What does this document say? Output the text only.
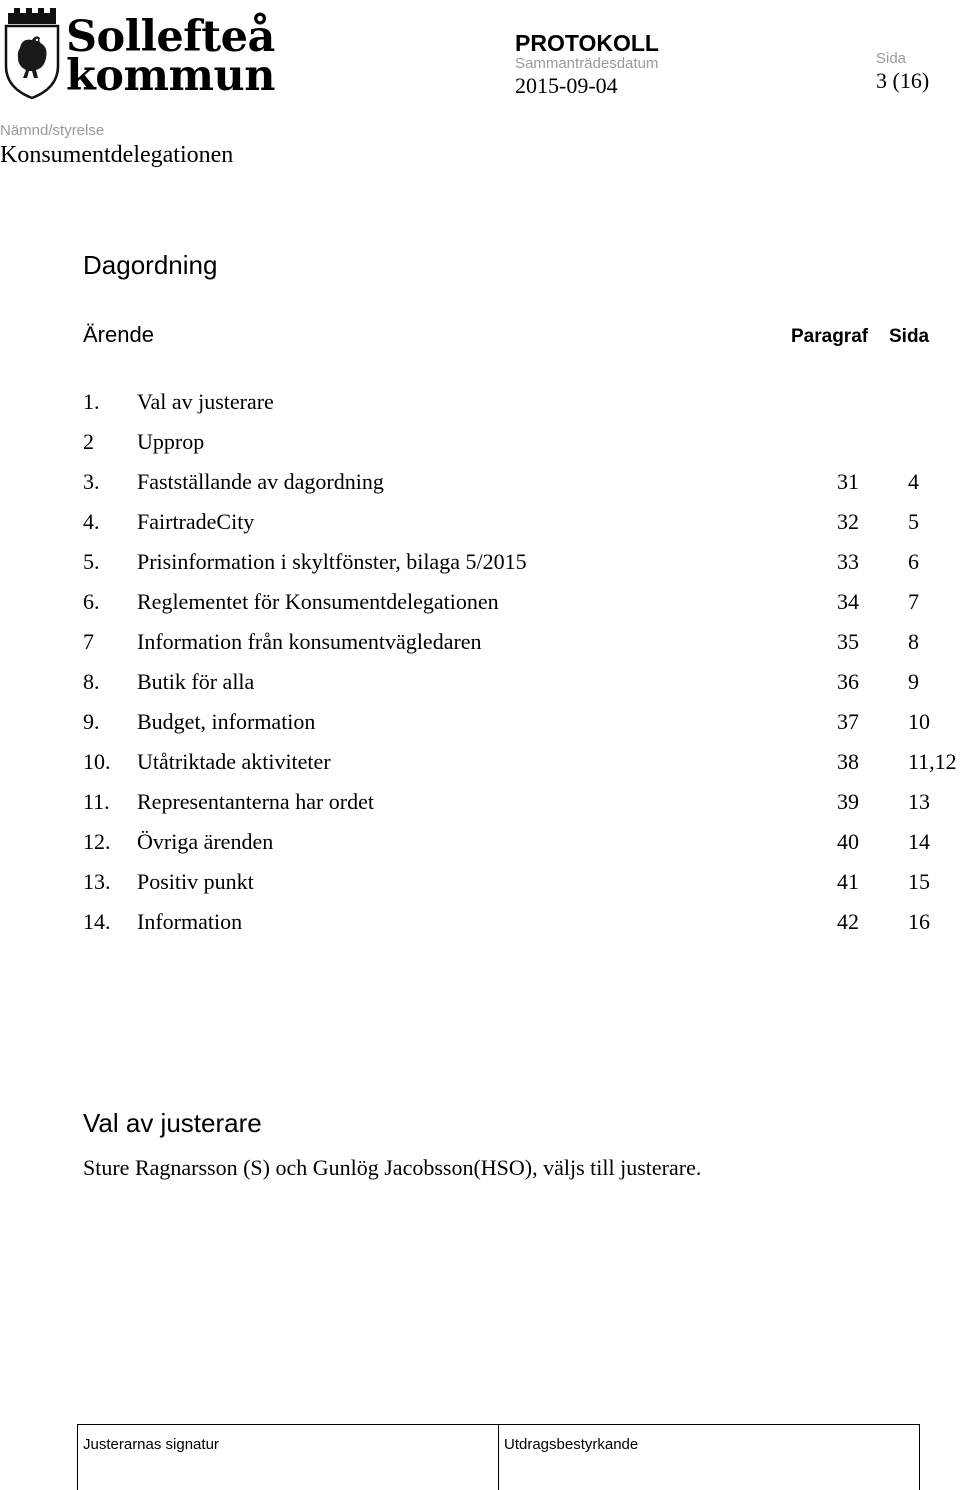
Sollefteå
kommun
PROTOKOLL
Sammanträdesdatum
2015-09-04
Sida
3 (16)
Nämnd/styrelse
Konsumentdelegationen
Dagordning
Ärende	Paragraf Sida
1. Val av justerare
2 Upprop
3. Fastställande av dagordning	31 4
4. FairtradeCity	32 5
5. Prisinformation i skyltfönster, bilaga 5/2015	33 6
6. Reglementet för Konsumentdelegationen	34 7
7 Information från konsumentvägledaren	35 8
8. Butik för alla	36 9
9. Budget, information	37 10
10. Utåtriktade aktiviteter	38 11,12
11. Representanterna har ordet	39 13
12. Övriga ärenden	40 14
13. Positiv punkt	41 15
14. Information	42 16
Val av justerare
Sture Ragnarsson (S) och Gunlög Jacobsson(HSO), väljs till justerare.
Justerarnas signatur	Utdragsbestyrkande
